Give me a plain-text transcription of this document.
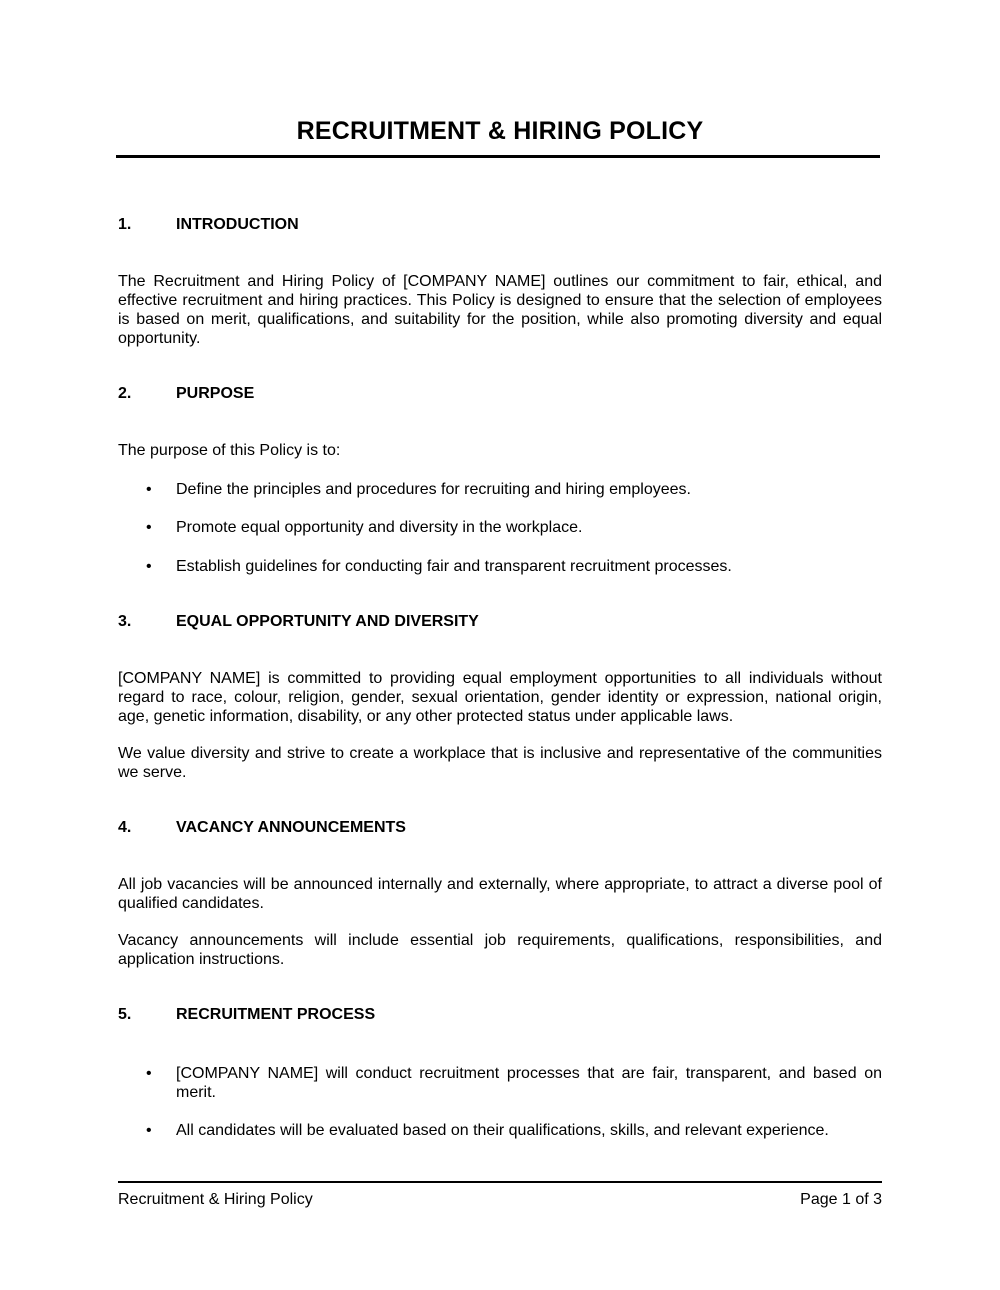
RECRUITMENT & HIRING POLICY
1.	INTRODUCTION

The Recruitment and Hiring Policy of [COMPANY NAME] outlines our commitment to fair, ethical, and effective recruitment and hiring practices. This Policy is designed to ensure that the selection of employees is based on merit, qualifications, and suitability for the position, while also promoting diversity and equal opportunity.

2.	PURPOSE

The purpose of this Policy is to:

• Define the principles and procedures for recruiting and hiring employees.
• Promote equal opportunity and diversity in the workplace.
• Establish guidelines for conducting fair and transparent recruitment processes.
3.	EQUAL OPPORTUNITY AND DIVERSITY

[COMPANY NAME] is committed to providing equal employment opportunities to all individuals without regard to race, colour, religion, gender, sexual orientation, gender identity or expression, national origin, age, genetic information, disability, or any other protected status under applicable laws.

We value diversity and strive to create a workplace that is inclusive and representative of the communities we serve.

4.	VACANCY ANNOUNCEMENTS

All job vacancies will be announced internally and externally, where appropriate, to attract a diverse pool of qualified candidates.

Vacancy announcements will include essential job requirements, qualifications, responsibilities, and application instructions.

5.	RECRUITMENT PROCESS
• [COMPANY NAME] will conduct recruitment processes that are fair, transparent, and based on merit.
• All candidates will be evaluated based on their qualifications, skills, and relevant experience.

Recruitment & Hiring Policy	Page 1 of 3
